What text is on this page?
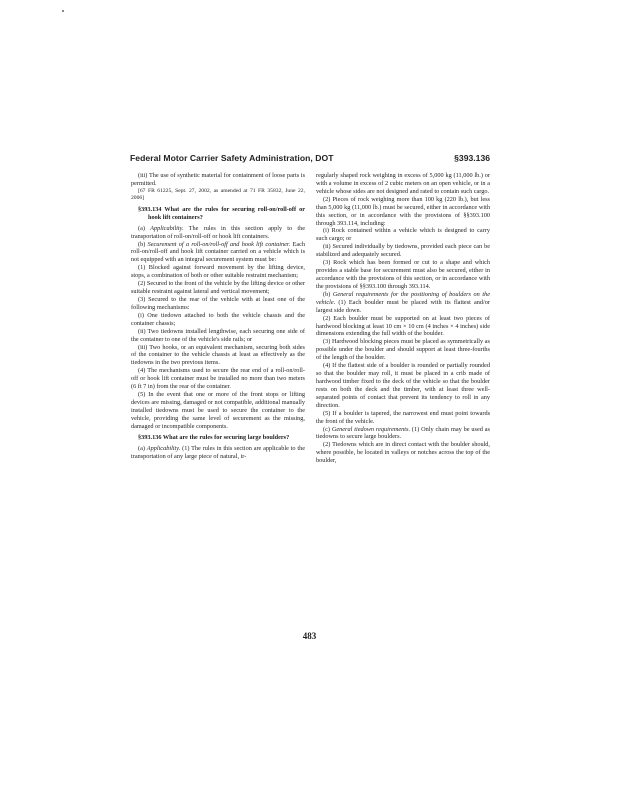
Federal Motor Carrier Safety Administration, DOT	§393.136

(iii) The use of synthetic material for containment of loose parts is permitted.

[67 FR 61225, Sept. 27, 2002, as amended at 71 FR 35832, June 22, 2006]

§393.134 What are the rules for securing roll-on/roll-off or hook lift containers?

(a) Applicability. The rules in this section apply to the transportation of roll-on/roll-off or hook lift containers.

(b) Securement of a roll-on/roll-off and hook lift container. Each roll-on/roll-off and hook lift container carried on a vehicle which is not equipped with an integral securement system must be:

(1) Blocked against forward movement by the lifting device, stops, a combination of both or other suitable restraint mechanism;

(2) Secured to the front of the vehicle by the lifting device or other suitable restraint against lateral and vertical movement;

(3) Secured to the rear of the vehicle with at least one of the following mechanisms:

(i) One tiedown attached to both the vehicle chassis and the container chassis;

(ii) Two tiedowns installed lengthwise, each securing one side of the container to one of the vehicle's side rails; or

(iii) Two hooks, or an equivalent mechanism, securing both sides of the container to the vehicle chassis at least as effectively as the tiedowns in the two previous items.

(4) The mechanisms used to secure the rear end of a roll-on/roll-off or hook lift container must be installed no more than two meters (6 ft 7 in) from the rear of the container.

(5) In the event that one or more of the front stops or lifting devices are missing, damaged or not compatible, additional manually installed tiedowns must be used to secure the container to the vehicle, providing the same level of securement as the missing, damaged or incompatible components.

§393.136 What are the rules for securing large boulders?

(a) Applicability. (1) The rules in this section are applicable to the transportation of any large piece of natural, ir-

regularly shaped rock weighing in excess of 5,000 kg (11,000 lb.) or with a volume in excess of 2 cubic meters on an open vehicle, or in a vehicle whose sides are not designed and rated to contain such cargo.

(2) Pieces of rock weighing more than 100 kg (220 lb.), but less than 5,000 kg (11,000 lb.) must be secured, either in accordance with this section, or in accordance with the provisions of §§393.100 through 393.114, including:

(i) Rock contained within a vehicle which is designed to carry such cargo; or

(ii) Secured individually by tiedowns, provided each piece can be stabilized and adequately secured.

(3) Rock which has been formed or cut to a shape and which provides a stable base for securement must also be secured, either in accordance with the provisions of this section, or in accordance with the provisions of §§393.100 through 393.114.

(b) General requirements for the positioning of boulders on the vehicle. (1) Each boulder must be placed with its flattest and/or largest side down.

(2) Each boulder must be supported on at least two pieces of hardwood blocking at least 10 cm × 10 cm (4 inches × 4 inches) side dimensions extending the full width of the boulder.

(3) Hardwood blocking pieces must be placed as symmetrically as possible under the boulder and should support at least three-fourths of the length of the boulder.

(4) If the flattest side of a boulder is rounded or partially rounded so that the boulder may roll, it must be placed in a crib made of hardwood timber fixed to the deck of the vehicle so that the boulder rests on both the deck and the timber, with at least three well-separated points of contact that prevent its tendency to roll in any direction.

(5) If a boulder is tapered, the narrowest end must point towards the front of the vehicle.

(c) General tiedown requirements. (1) Only chain may be used as tiedowns to secure large boulders.

(2) Tiedowns which are in direct contact with the boulder should, where possible, be located in valleys or notches across the top of the boulder,

483
